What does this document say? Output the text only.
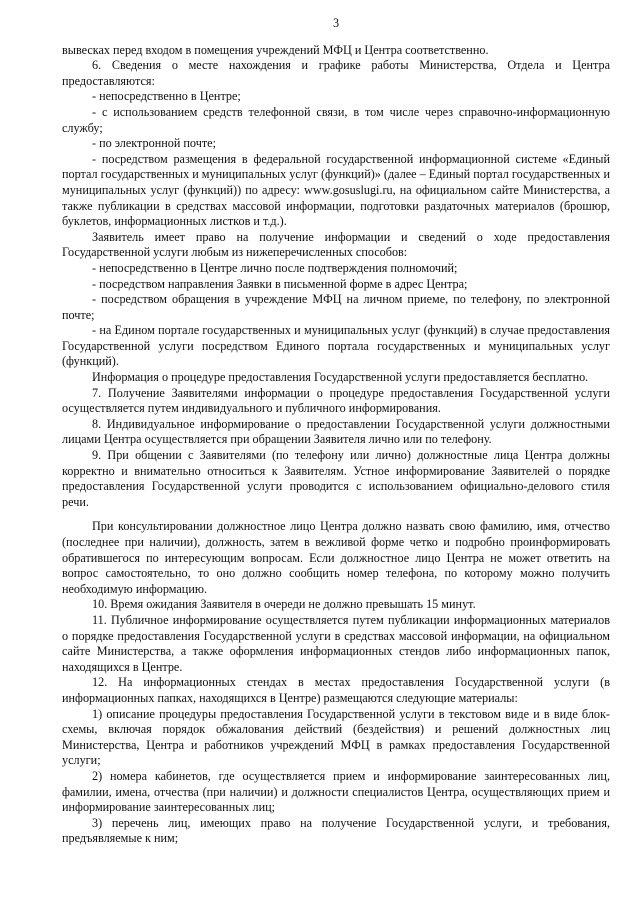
3

вывесках перед входом в помещения учреждений МФЦ и Центра соответственно.

6. Сведения о месте нахождения и графике работы Министерства, Отдела и Центра предоставляются:

- непосредственно в Центре;

- с использованием средств телефонной связи, в том числе через справочно-информационную службу;

- по электронной почте;

- посредством размещения в федеральной государственной информационной системе «Единый портал государственных и муниципальных услуг (функций)» (далее – Единый портал государственных и муниципальных услуг (функций)) по адресу: www.gosuslugi.ru, на официальном сайте Министерства, а также публикации в средствах массовой информации, подготовки раздаточных материалов (брошюр, буклетов, информационных листков и т.д.).

Заявитель имеет право на получение информации и сведений о ходе предоставления Государственной услуги любым из нижеперечисленных способов:

- непосредственно в Центре лично после подтверждения полномочий;

- посредством направления Заявки в письменной форме в адрес Центра;

- посредством обращения в учреждение МФЦ на личном приеме, по телефону, по электронной почте;

- на Едином портале государственных и муниципальных услуг (функций) в случае предоставления Государственной услуги посредством Единого портала государственных и муниципальных услуг (функций).

Информация о процедуре предоставления Государственной услуги предоставляется бесплатно.

7. Получение Заявителями информации о процедуре предоставления Государственной услуги осуществляется путем индивидуального и публичного информирования.

8. Индивидуальное информирование о предоставлении Государственной услуги должностными лицами Центра осуществляется при обращении Заявителя лично или по телефону.

9. При общении с Заявителями (по телефону или лично) должностные лица Центра должны корректно и внимательно относиться к Заявителям. Устное информирование Заявителей о порядке предоставления Государственной услуги проводится с использованием официально-делового стиля речи.

При консультировании должностное лицо Центра должно назвать свою фамилию, имя, отчество (последнее при наличии), должность, затем в вежливой форме четко и подробно проинформировать обратившегося по интересующим вопросам. Если должностное лицо Центра не может ответить на вопрос самостоятельно, то оно должно сообщить номер телефона, по которому можно получить необходимую информацию.

10. Время ожидания Заявителя в очереди не должно превышать 15 минут.

11. Публичное информирование осуществляется путем публикации информационных материалов о порядке предоставления Государственной услуги в средствах массовой информации, на официальном сайте Министерства, а также оформления информационных стендов либо информационных папок, находящихся в Центре.

12. На информационных стендах в местах предоставления Государственной услуги (в информационных папках, находящихся в Центре) размещаются следующие материалы:

1) описание процедуры предоставления Государственной услуги в текстовом виде и в виде блок-схемы, включая порядок обжалования действий (бездействия) и решений должностных лиц Министерства, Центра и работников учреждений МФЦ в рамках предоставления Государственной услуги;

2) номера кабинетов, где осуществляется прием и информирование заинтересованных лиц, фамилии, имена, отчества (при наличии) и должности специалистов Центра, осуществляющих прием и информирование заинтересованных лиц;

3) перечень лиц, имеющих право на получение Государственной услуги, и требования, предъявляемые к ним;
